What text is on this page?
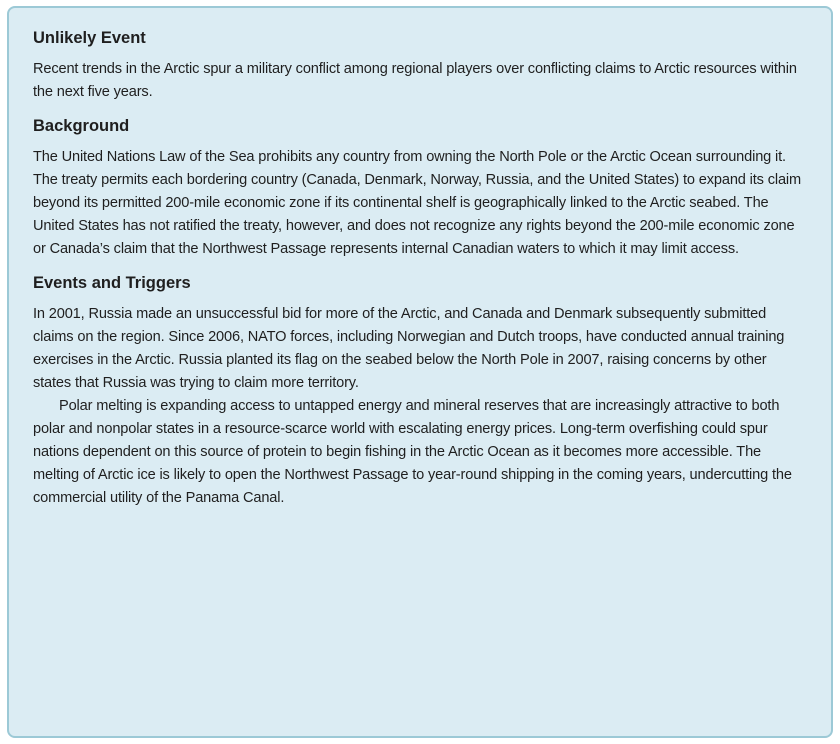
Unlikely Event

Recent trends in the Arctic spur a military conflict among regional players over conflicting claims to Arctic resources within the next five years.

Background

The United Nations Law of the Sea prohibits any country from owning the North Pole or the Arctic Ocean surrounding it. The treaty permits each bordering country (Canada, Denmark, Norway, Russia, and the United States) to expand its claim beyond its permitted 200-mile economic zone if its continental shelf is geographically linked to the Arctic seabed. The United States has not ratified the treaty, however, and does not recognize any rights beyond the 200-mile economic zone or Canada’s claim that the Northwest Passage represents internal Canadian waters to which it may limit access.

Events and Triggers

In 2001, Russia made an unsuccessful bid for more of the Arctic, and Canada and Denmark subsequently submitted claims on the region. Since 2006, NATO forces, including Norwegian and Dutch troops, have conducted annual training exercises in the Arctic. Russia planted its flag on the seabed below the North Pole in 2007, raising concerns by other states that Russia was trying to claim more territory.

Polar melting is expanding access to untapped energy and mineral reserves that are increasingly attractive to both polar and nonpolar states in a resource-scarce world with escalating energy prices. Long-term overfishing could spur nations dependent on this source of protein to begin fishing in the Arctic Ocean as it becomes more accessible. The melting of Arctic ice is likely to open the Northwest Passage to year-round shipping in the coming years, undercutting the commercial utility of the Panama Canal.
